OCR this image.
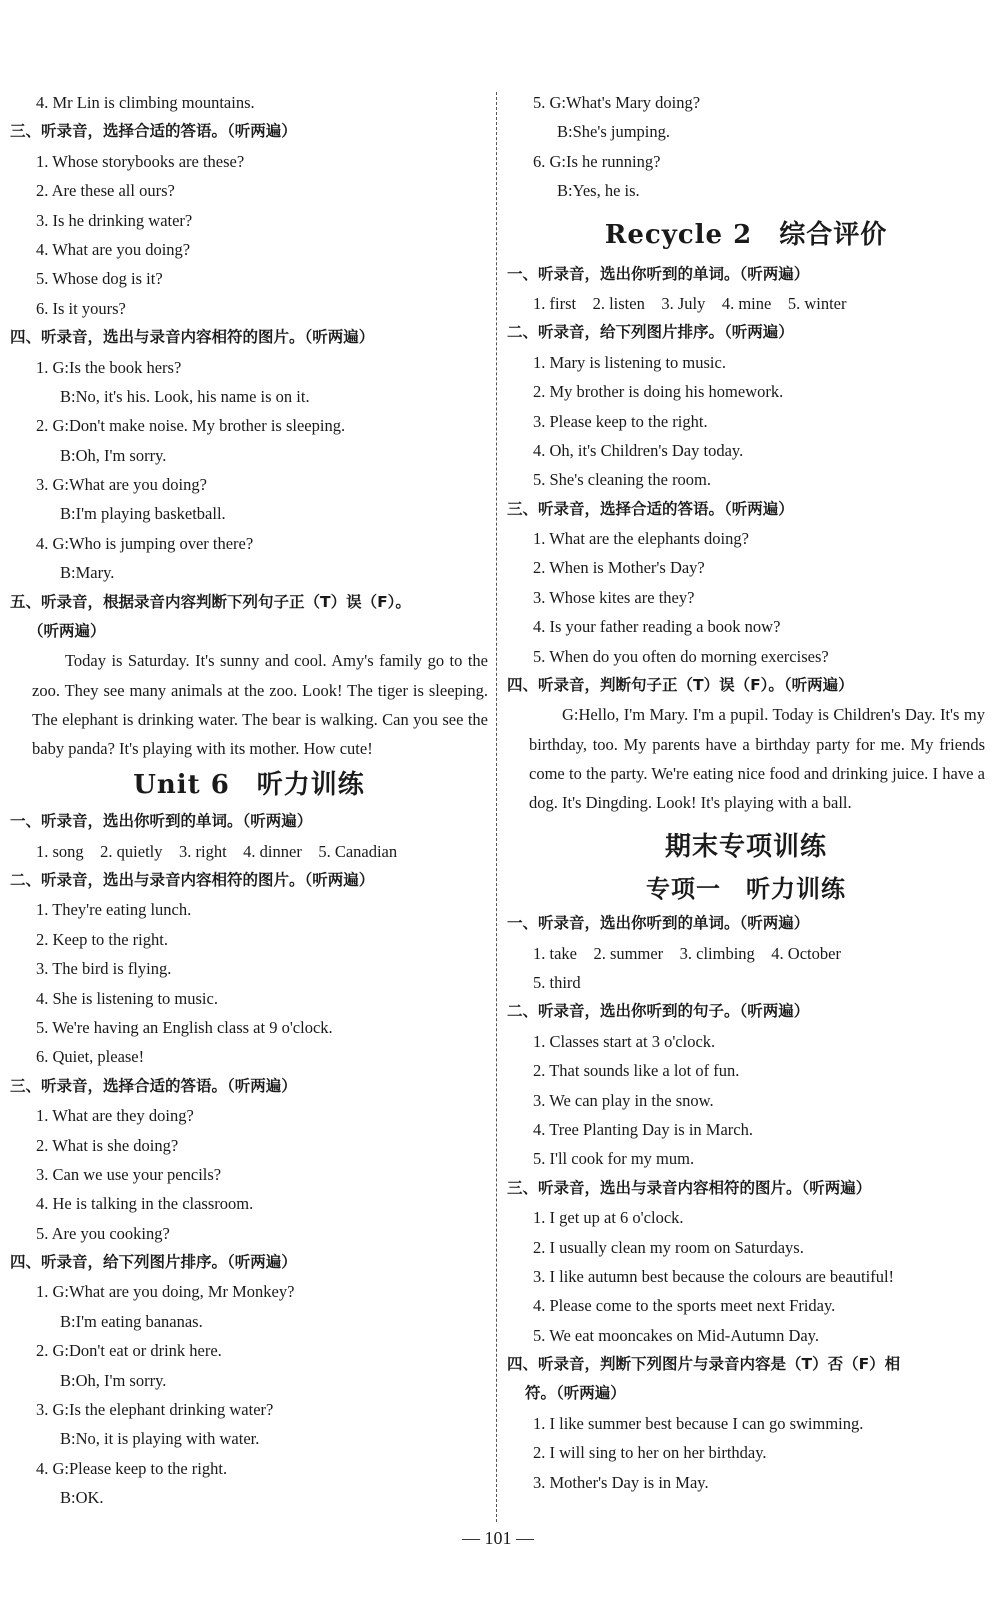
4. Mr Lin is climbing mountains.
三、听录音，选择合适的答语。（听两遍）
1. Whose storybooks are these?
2. Are these all ours?
3. Is he drinking water?
4. What are you doing?
5. Whose dog is it?
6. Is it yours?
四、听录音，选出与录音内容相符的图片。（听两遍）
1. G:Is the book hers?
B:No, it's his. Look, his name is on it.
2. G:Don't make noise. My brother is sleeping.
B:Oh, I'm sorry.
3. G:What are you doing?
B:I'm playing basketball.
4. G:Who is jumping over there?
B:Mary.
五、听录音，根据录音内容判断下列句子正（T）误（F）。
（听两遍）
Today is Saturday. It's sunny and cool. Amy's family go to the zoo. They see many animals at the zoo. Look! The tiger is sleeping. The elephant is drinking water. The bear is walking. Can you see the baby panda? It's playing with its mother. How cute!
Unit 6　听力训练
一、听录音，选出你听到的单词。（听两遍）
1. song　2. quietly　3. right　4. dinner　5. Canadian
二、听录音，选出与录音内容相符的图片。（听两遍）
1. They're eating lunch.
2. Keep to the right.
3. The bird is flying.
4. She is listening to music.
5. We're having an English class at 9 o'clock.
6. Quiet, please!
三、听录音，选择合适的答语。（听两遍）
1. What are they doing?
2. What is she doing?
3. Can we use your pencils?
4. He is talking in the classroom.
5. Are you cooking?
四、听录音，给下列图片排序。（听两遍）
1. G:What are you doing, Mr Monkey?
B:I'm eating bananas.
2. G:Don't eat or drink here.
B:Oh, I'm sorry.
3. G:Is the elephant drinking water?
B:No, it is playing with water.
4. G:Please keep to the right.
B:OK.
5. G:What's Mary doing?
B:She's jumping.
6. G:Is he running?
B:Yes, he is.
Recycle 2　综合评价
一、听录音，选出你听到的单词。（听两遍）
1. first　2. listen　3. July　4. mine　5. winter
二、听录音，给下列图片排序。（听两遍）
1. Mary is listening to music.
2. My brother is doing his homework.
3. Please keep to the right.
4. Oh, it's Children's Day today.
5. She's cleaning the room.
三、听录音，选择合适的答语。（听两遍）
1. What are the elephants doing?
2. When is Mother's Day?
3. Whose kites are they?
4. Is your father reading a book now?
5. When do you often do morning exercises?
四、听录音，判断句子正（T）误（F）。（听两遍）
G:Hello, I'm Mary. I'm a pupil. Today is Children's Day. It's my birthday, too. My parents have a birthday party for me. My friends come to the party. We're eating nice food and drinking juice. I have a dog. It's Dingding. Look! It's playing with a ball.
期末专项训练
专项一　听力训练
一、听录音，选出你听到的单词。（听两遍）
1. take　2. summer　3. climbing　4. October
5. third
二、听录音，选出你听到的句子。（听两遍）
1. Classes start at 3 o'clock.
2. That sounds like a lot of fun.
3. We can play in the snow.
4. Tree Planting Day is in March.
5. I'll cook for my mum.
三、听录音，选出与录音内容相符的图片。（听两遍）
1. I get up at 6 o'clock.
2. I usually clean my room on Saturdays.
3. I like autumn best because the colours are beautiful!
4. Please come to the sports meet next Friday.
5. We eat mooncakes on Mid-Autumn Day.
四、听录音，判断下列图片与录音内容是（T）否（F）相
符。（听两遍）
1. I like summer best because I can go swimming.
2. I will sing to her on her birthday.
3. Mother's Day is in May.
— 101 —
